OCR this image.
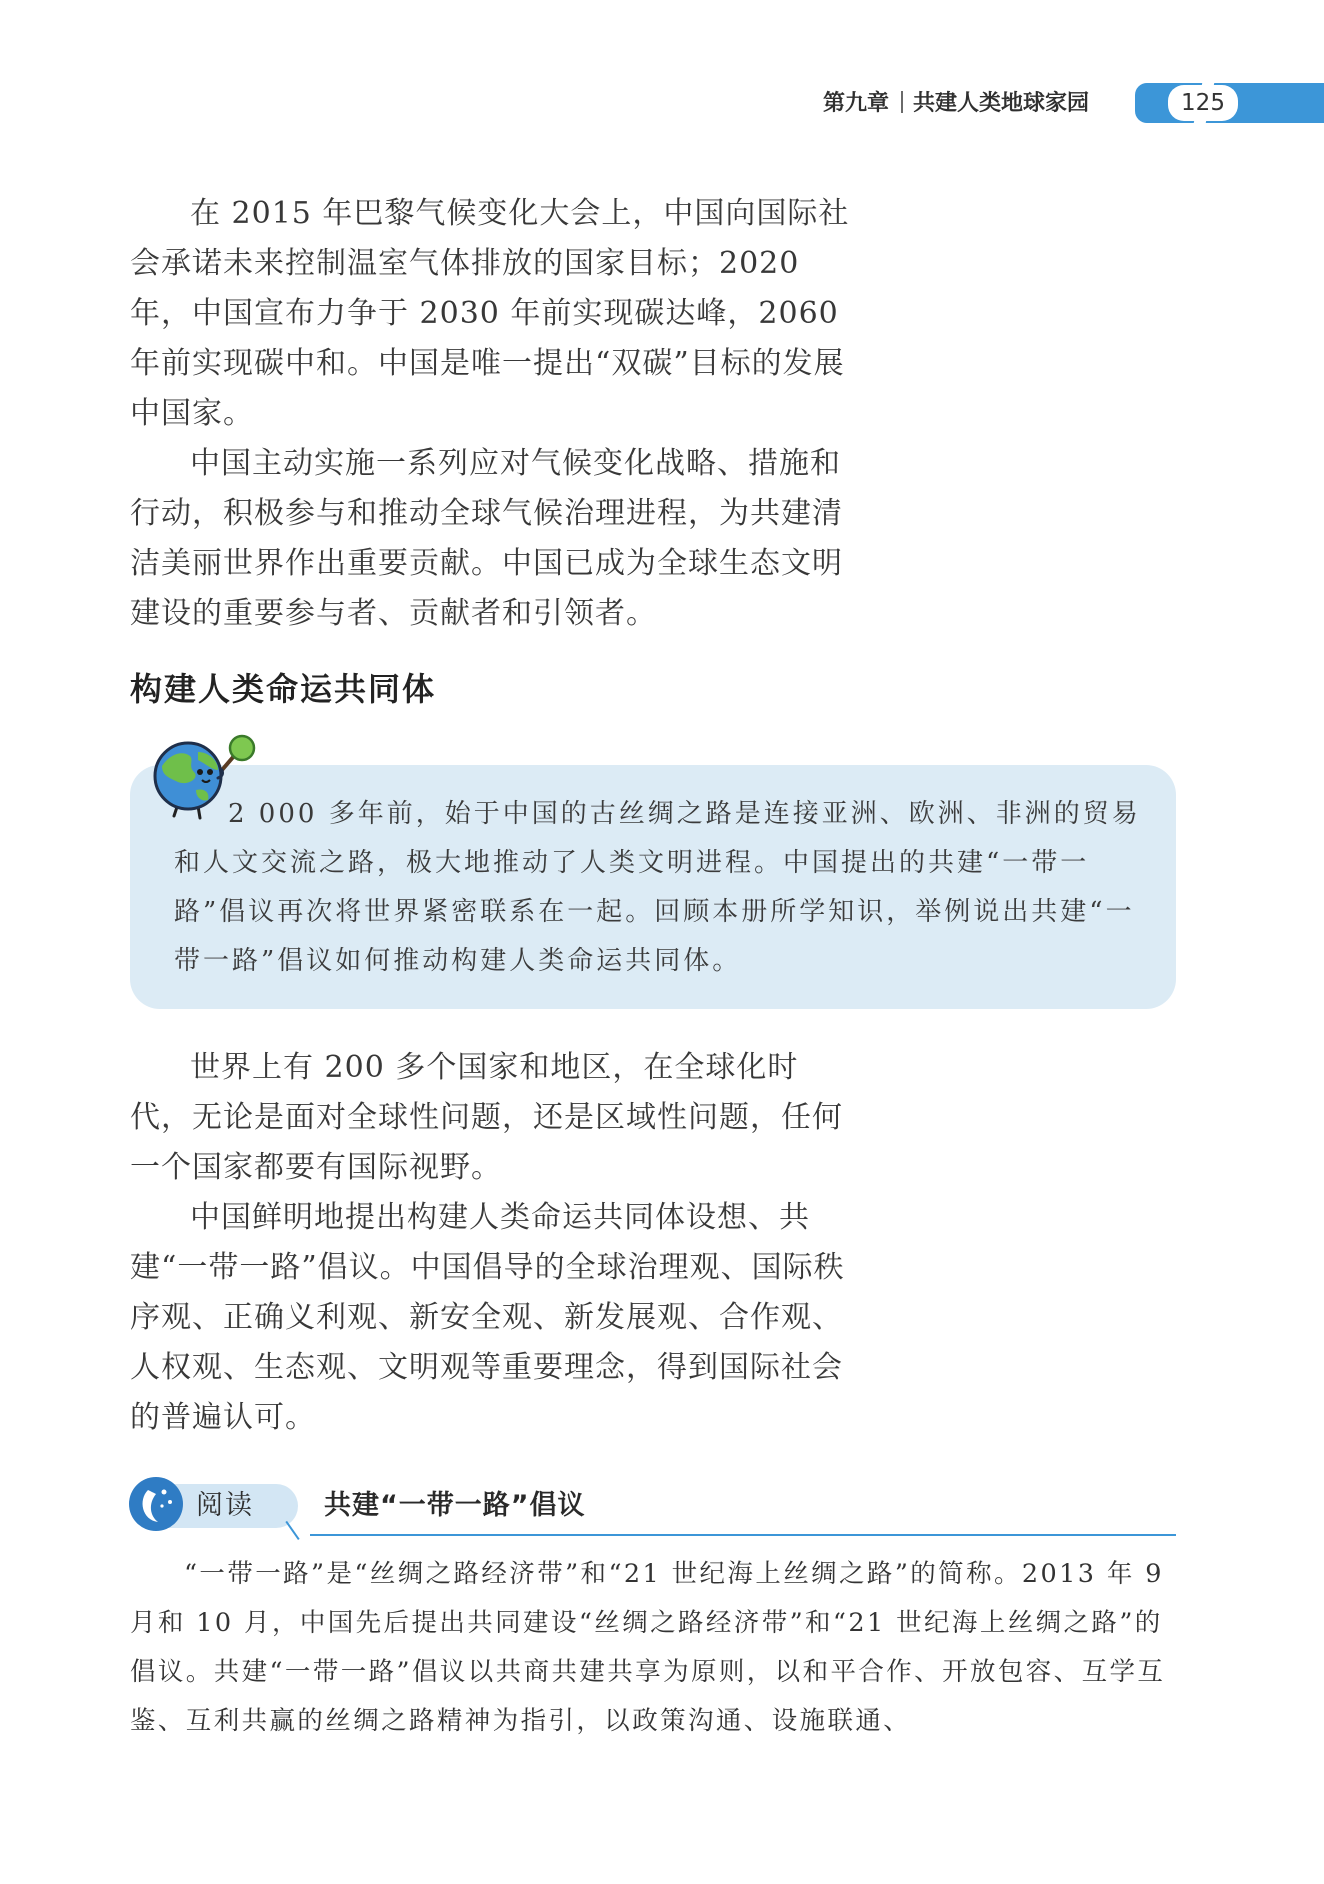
第九章 共建人类地球家园	125
在 2015 年巴黎气候变化大会上，中国向国际社会承诺未来控制温室气体排放的国家目标；2020 年，中国宣布力争于 2030 年前实现碳达峰，2060 年前实现碳中和。中国是唯一提出“双碳”目标的发展中国家。
中国主动实施一系列应对气候变化战略、措施和行动，积极参与和推动全球气候治理进程，为共建清洁美丽世界作出重要贡献。中国已成为全球生态文明建设的重要参与者、贡献者和引领者。
构建人类命运共同体
2 000 多年前，始于中国的古丝绸之路是连接亚洲、欧洲、非洲的贸易和人文交流之路，极大地推动了人类文明进程。中国提出的共建“一带一路”倡议再次将世界紧密联系在一起。回顾本册所学知识，举例说出共建“一带一路”倡议如何推动构建人类命运共同体。
世界上有 200 多个国家和地区，在全球化时代，无论是面对全球性问题，还是区域性问题，任何一个国家都要有国际视野。
中国鲜明地提出构建人类命运共同体设想、共建“一带一路”倡议。中国倡导的全球治理观、国际秩序观、正确义利观、新安全观、新发展观、合作观、人权观、生态观、文明观等重要理念，得到国际社会的普遍认可。
阅读	共建“一带一路”倡议
“一带一路”是“丝绸之路经济带”和“21 世纪海上丝绸之路”的简称。2013 年 9 月和 10 月，中国先后提出共同建设“丝绸之路经济带”和“21 世纪海上丝绸之路”的倡议。共建“一带一路”倡议以共商共建共享为原则，以和平合作、开放包容、互学互鉴、互利共赢的丝绸之路精神为指引，以政策沟通、设施联通、
